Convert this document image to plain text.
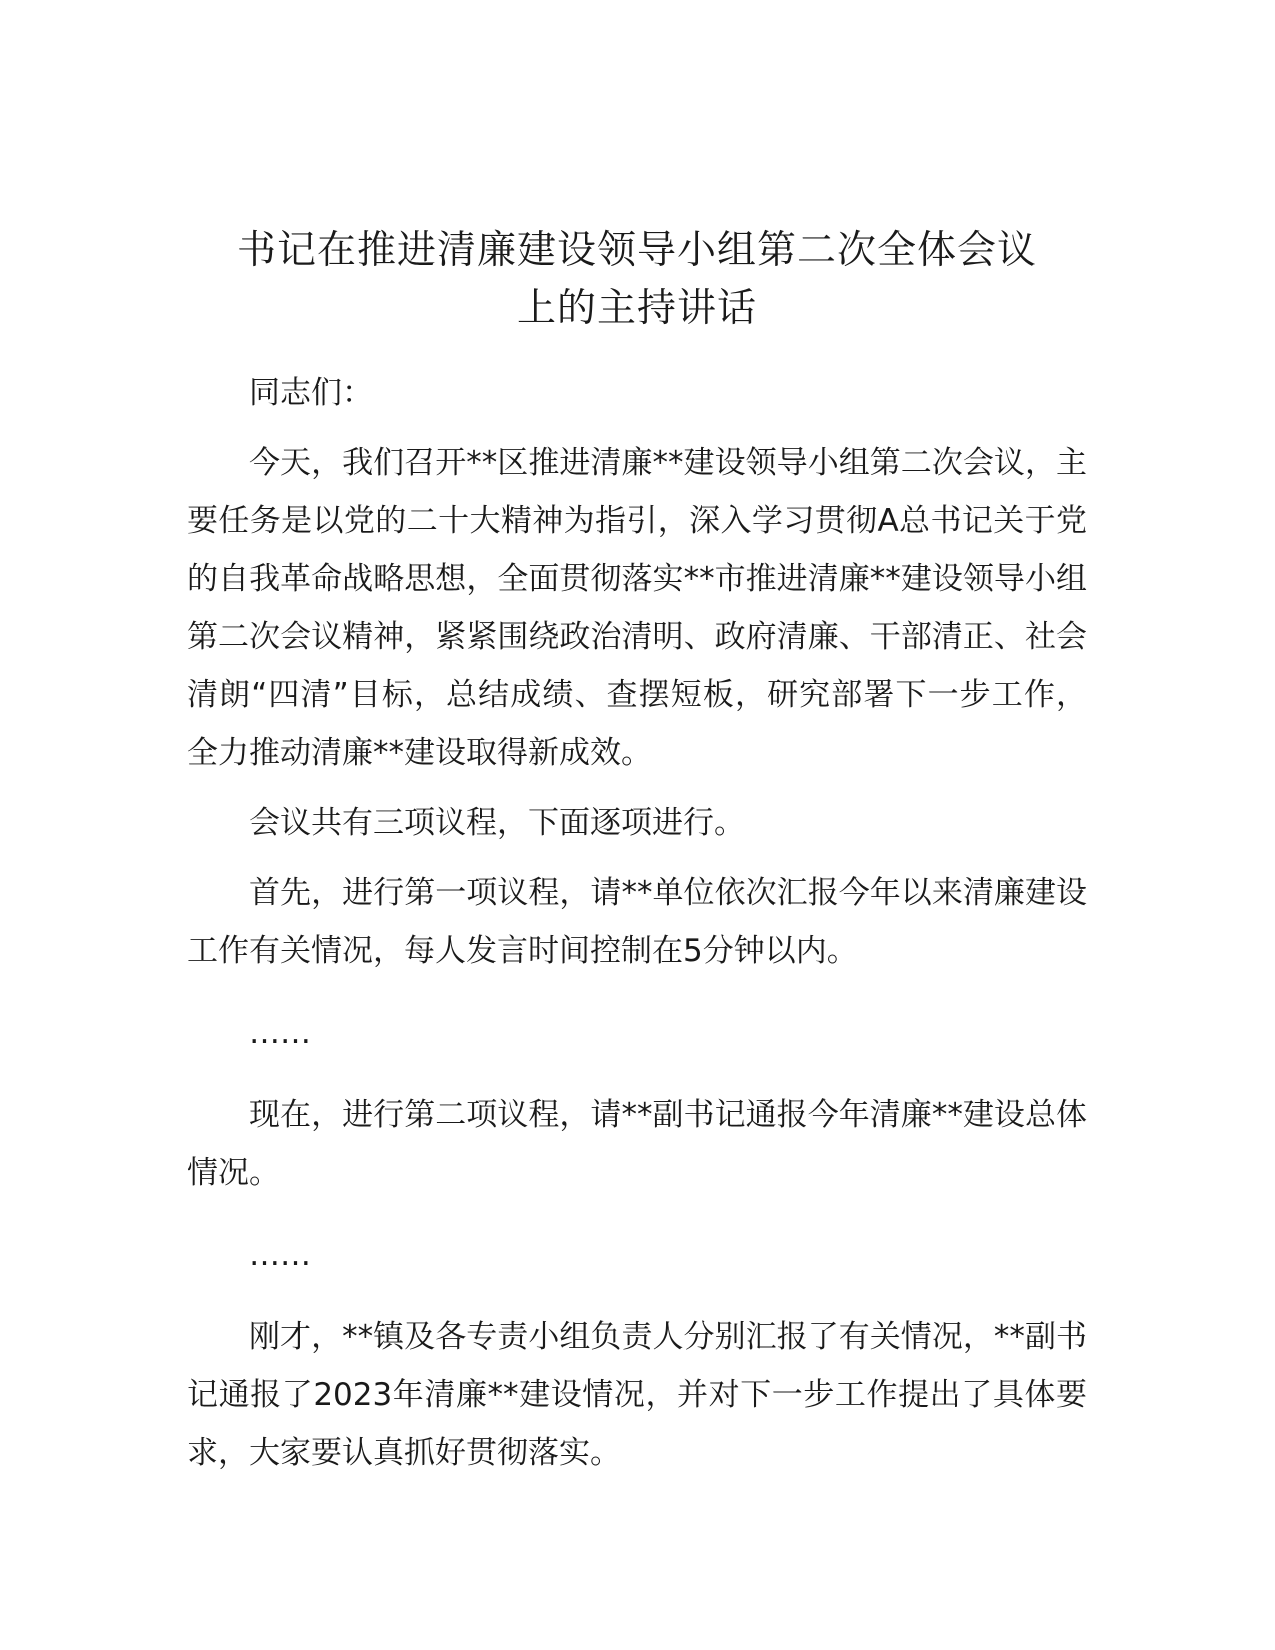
书记在推进清廉建设领导小组第二次全体会议
上的主持讲话

同志们：

今天，我们召开**区推进清廉**建设领导小组第二次会议，主要任务是以党的二十大精神为指引，深入学习贯彻A总书记关于党的自我革命战略思想，全面贯彻落实**市推进清廉**建设领导小组第二次会议精神，紧紧围绕政治清明、政府清廉、干部清正、社会清朗“四清”目标，总结成绩、查摆短板，研究部署下一步工作，全力推动清廉**建设取得新成效。

会议共有三项议程，下面逐项进行。

首先，进行第一项议程，请**单位依次汇报今年以来清廉建设工作有关情况，每人发言时间控制在5分钟以内。

……

现在，进行第二项议程，请**副书记通报今年清廉**建设总体情况。

……

刚才，**镇及各专责小组负责人分别汇报了有关情况，**副书记通报了2023年清廉**建设情况，并对下一步工作提出了具体要求，大家要认真抓好贯彻落实。
